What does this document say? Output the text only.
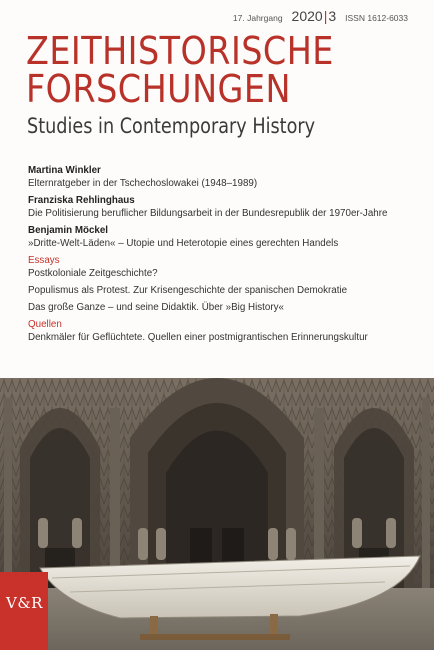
17. Jahrgang 2020 | 3 ISSN 1612-6033
ZEITHISTORISCHE
FORSCHUNGEN
Studies in Contemporary History
Martina Winkler
Elternratgeber in der Tschechoslowakei (1948–1989)
Franziska Rehlinghaus
Die Politisierung beruflicher Bildungsarbeit in der Bundesrepublik der 1970er-Jahre
Benjamin Möckel
»Dritte-Welt-Läden« – Utopie und Heterotopie eines gerechten Handels
Essays
Postkoloniale Zeitgeschichte?
Populismus als Protest. Zur Krisengeschichte der spanischen Demokratie
Das große Ganze – und seine Didaktik. Über »Big History«
Quellen
Denkmäler für Geflüchtete. Quellen einer postmigrantischen Erinnerungskultur
V&R
